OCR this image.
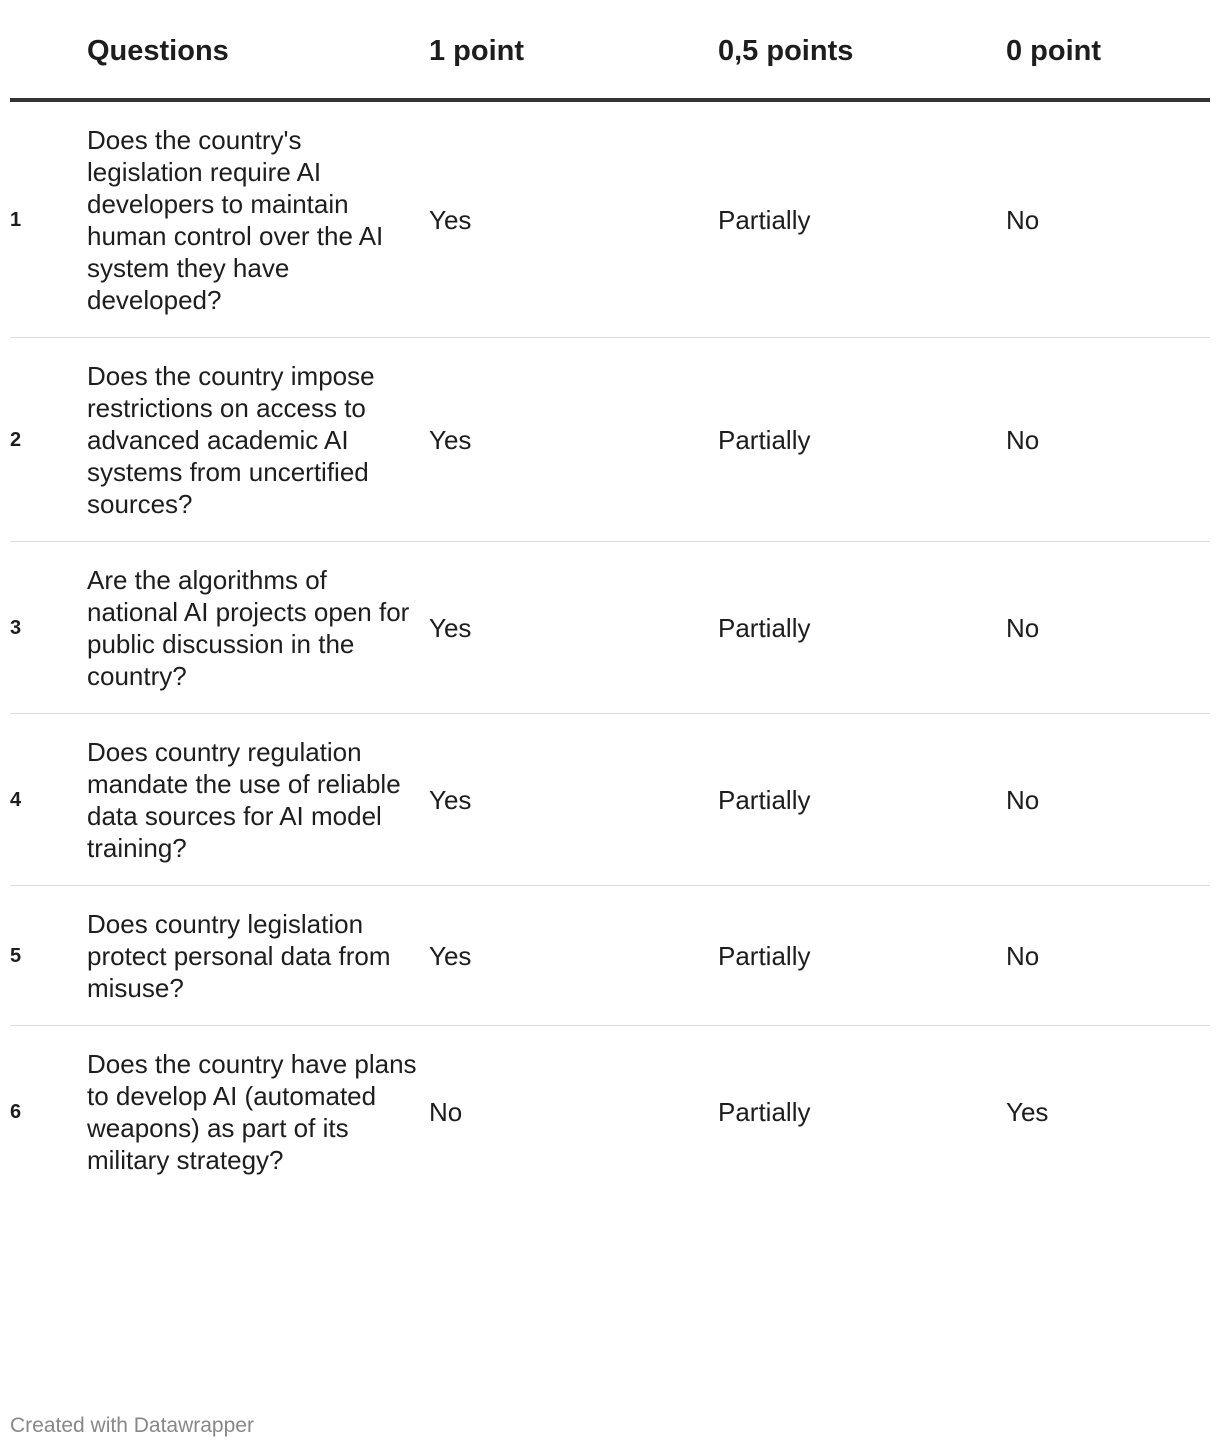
	Questions	1 point	0,5 points	0 point
1	Does the country's legislation require AI developers to maintain human control over the AI system they have developed?	Yes	Partially	No
2	Does the country impose restrictions on access to advanced academic AI systems from uncertified sources?	Yes	Partially	No
3	Are the algorithms of national AI projects open for public discussion in the country?	Yes	Partially	No
4	Does country regulation mandate the use of reliable data sources for AI model training?	Yes	Partially	No
5	Does country legislation protect personal data from misuse?	Yes	Partially	No
6	Does the country have plans to develop AI (automated weapons) as part of its military strategy?	No	Partially	Yes
Created with Datawrapper
